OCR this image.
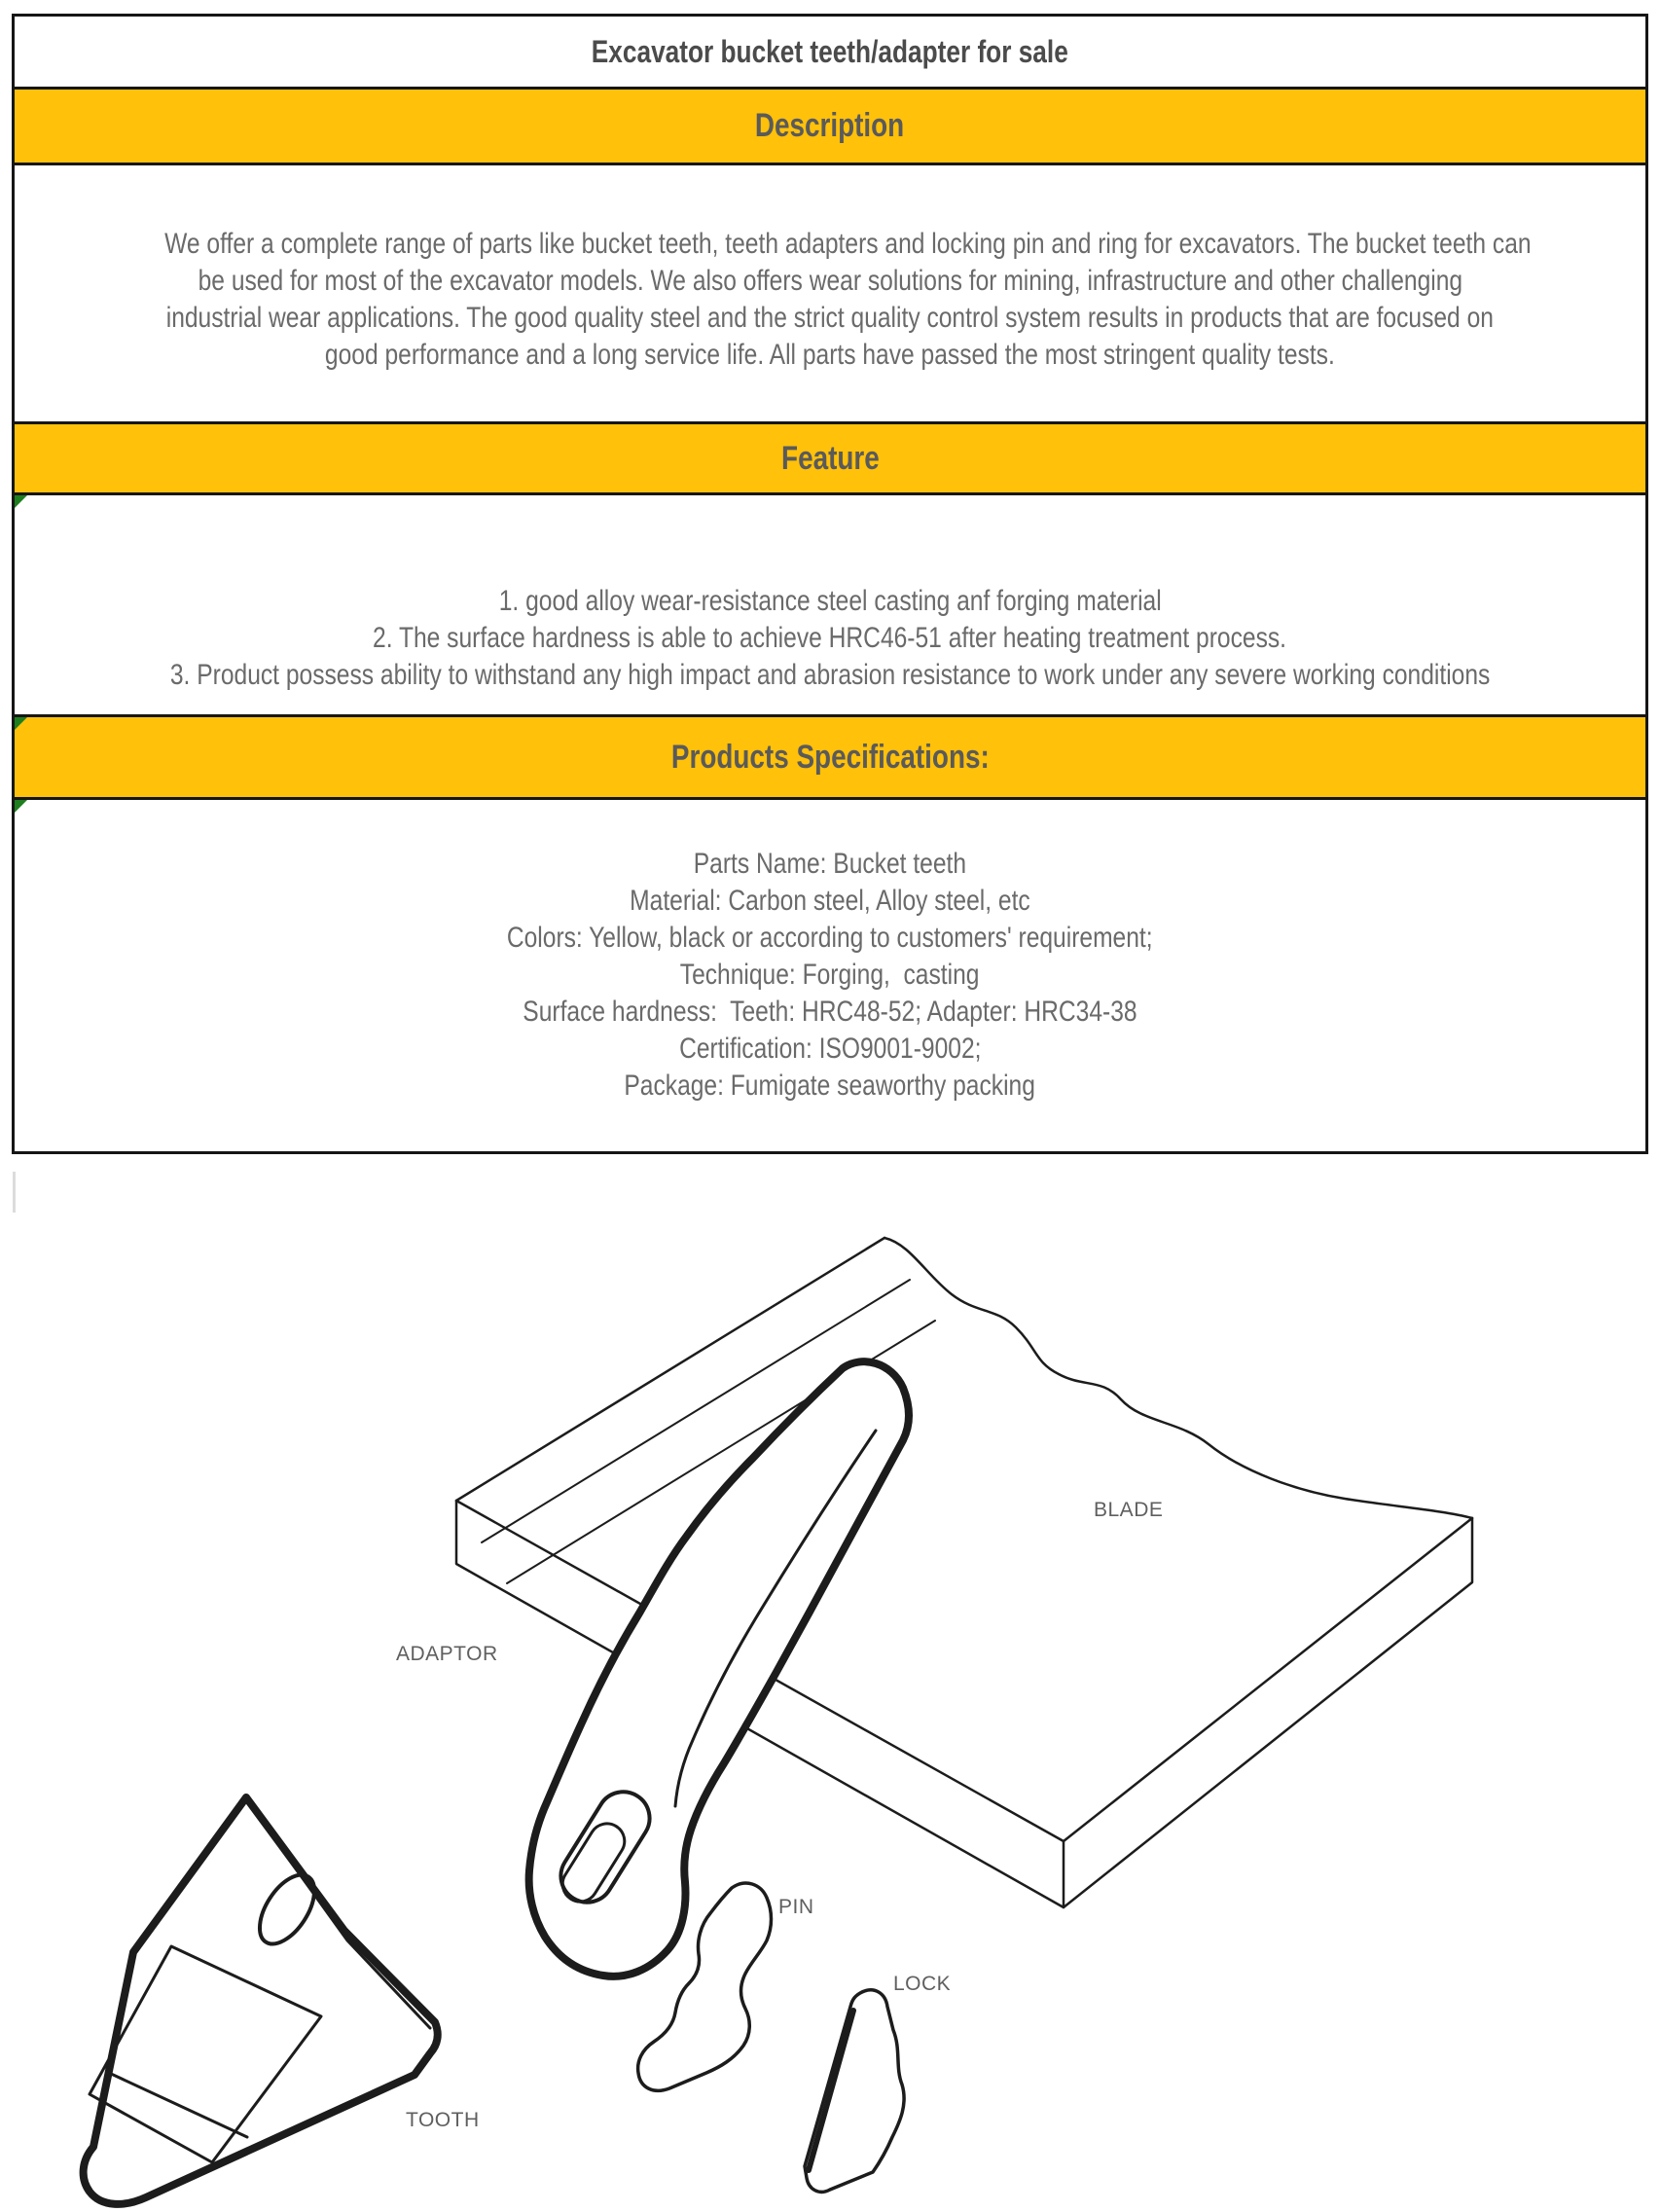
Excavator bucket teeth/adapter for sale
Description
We offer a complete range of parts like bucket teeth, teeth adapters and locking pin and ring for excavators. The bucket teeth can
be used for most of the excavator models. We also offers wear solutions for mining, infrastructure and other challenging
industrial wear applications. The good quality steel and the strict quality control system results in products that are focused on
good performance and a long service life. All parts have passed the most stringent quality tests.
Feature
1. good alloy wear-resistance steel casting anf forging material
2. The surface hardness is able to achieve HRC46-51 after heating treatment process.
3. Product possess ability to withstand any high impact and abrasion resistance to work under any severe working conditions
Products Specifications:
Parts Name: Bucket teeth
Material: Carbon steel, Alloy steel, etc
Colors: Yellow, black or according to customers' requirement;
Technique: Forging,  casting
Surface hardness:  Teeth: HRC48-52; Adapter: HRC34-38
Certification: ISO9001-9002;
Package: Fumigate seaworthy packing
BLADE
ADAPTOR
PIN
LOCK
TOOTH
